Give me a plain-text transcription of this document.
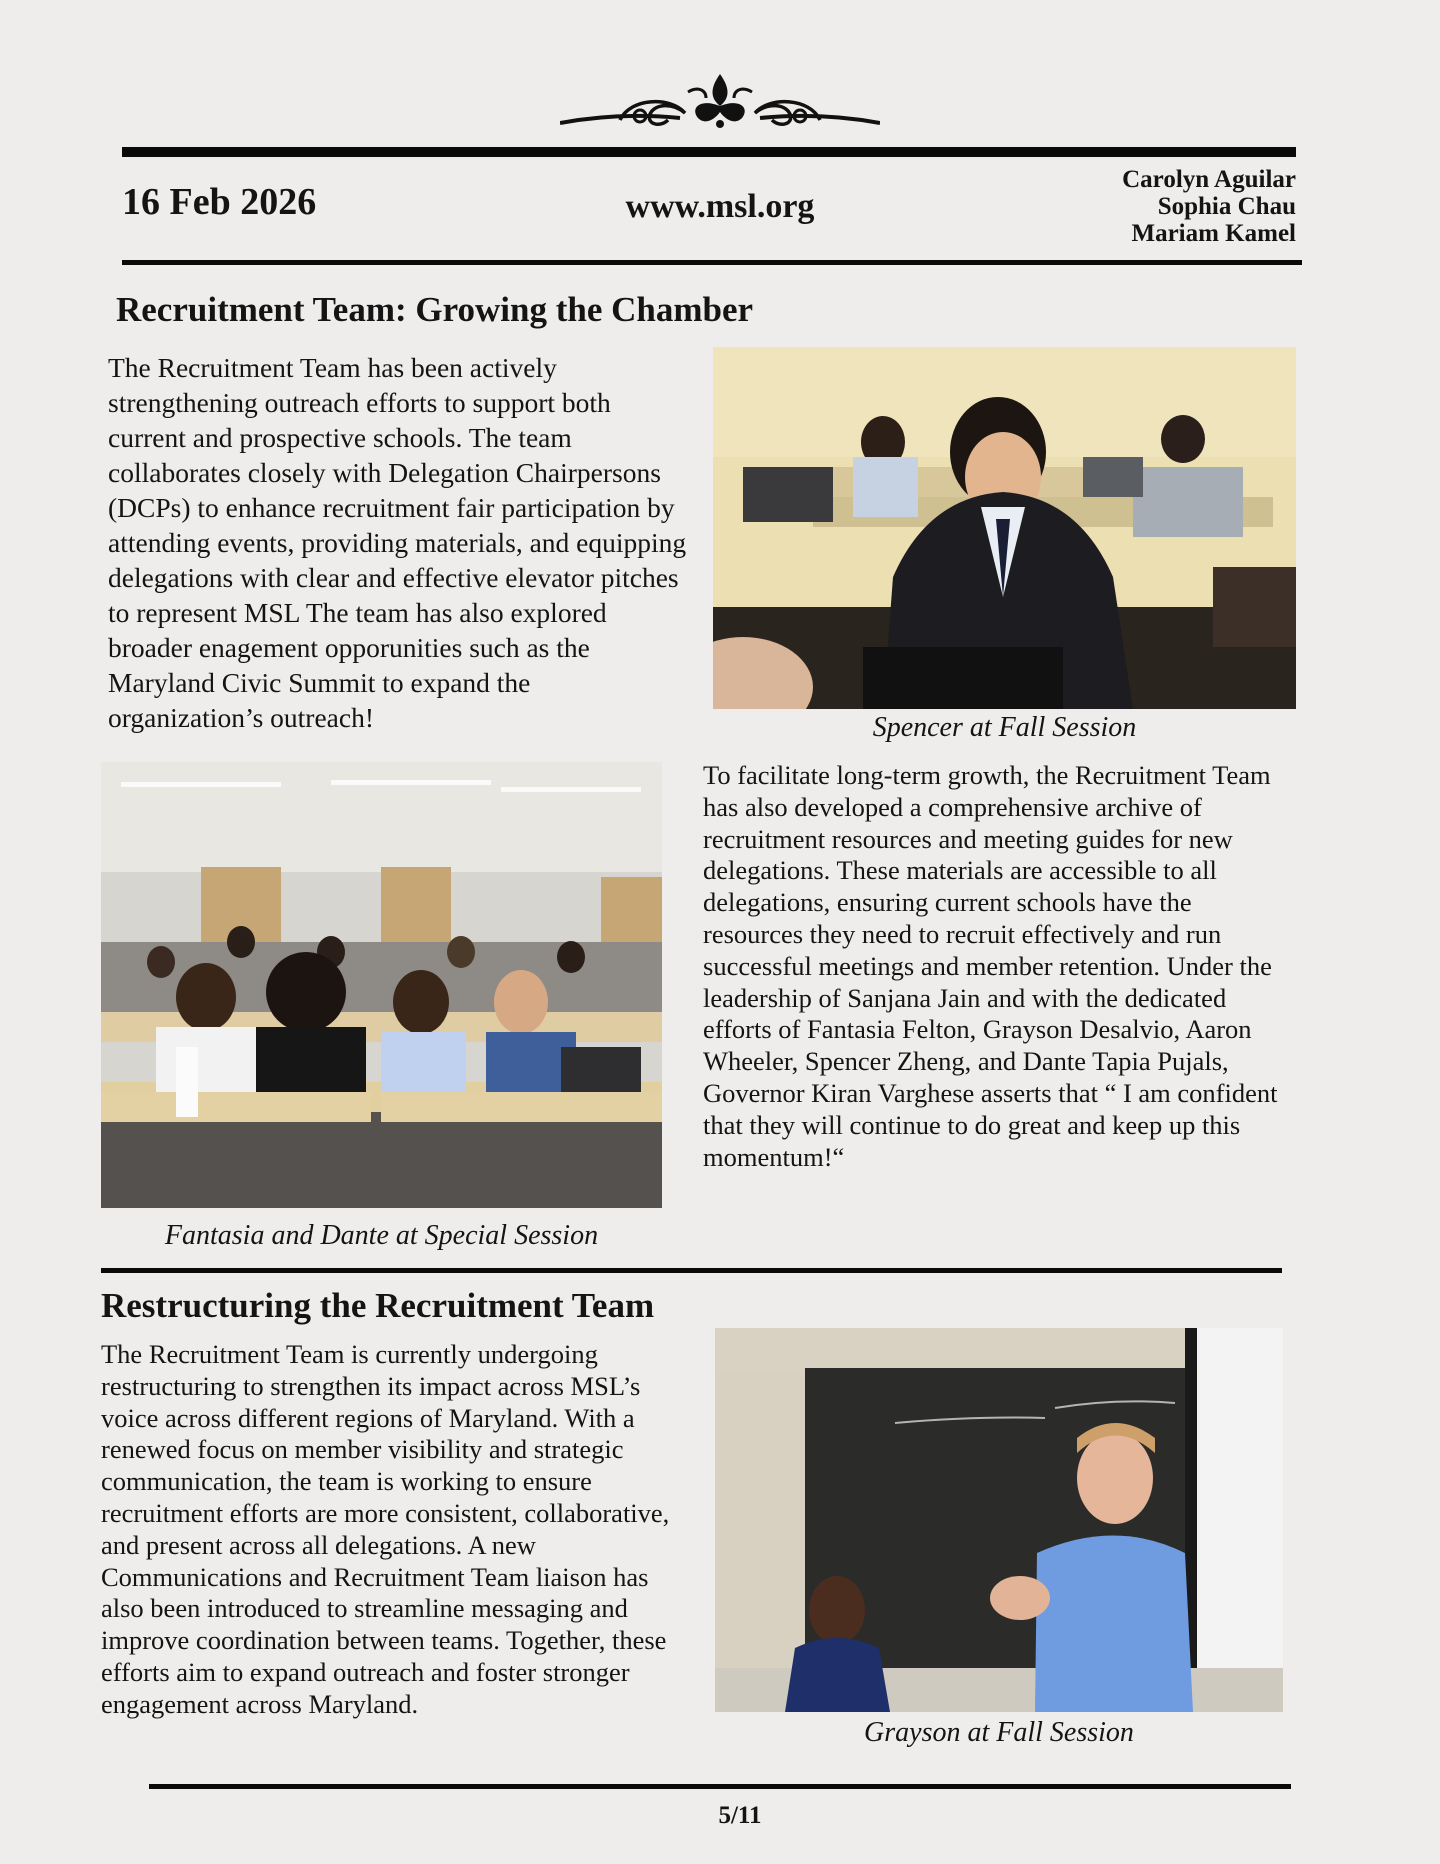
16 Feb 2026	www.msl.org
Carolyn Aguilar
Sophia Chau
Mariam Kamel
Recruitment Team: Growing the Chamber
The Recruitment Team has been actively strengthening outreach efforts to support both current and prospective schools. The team collaborates closely with Delegation Chairpersons (DCPs) to enhance recruitment fair participation by attending events, providing materials, and equipping delegations with clear and effective elevator pitches to represent MSL The team has also explored broader enagement opporunities such as the Maryland Civic Summit to expand the organization’s outreach!	Spencer at Fall Session
Fantasia and Dante at Special Session
To facilitate long-term growth, the Recruitment Team has also developed a comprehensive archive of recruitment resources and meeting guides for new delegations. These materials are accessible to all delegations, ensuring current schools have the resources they need to recruit effectively and run successful meetings and member retention. Under the leadership of Sanjana Jain and with the dedicated efforts of Fantasia Felton, Grayson Desalvio, Aaron Wheeler, Spencer Zheng, and Dante Tapia Pujals, Governor Kiran Varghese asserts that “ I am confident that they will continue to do great and keep up this momentum!“
Restructuring the Recruitment Team
The Recruitment Team is currently undergoing restructuring to strengthen its impact across MSL’s voice across different regions of Maryland. With a renewed focus on member visibility and strategic communication, the team is working to ensure recruitment efforts are more consistent, collaborative, and present across all delegations. A new Communications and Recruitment Team liaison has also been introduced to streamline messaging and improve coordination between teams. Together, these efforts aim to expand outreach and foster stronger engagement across Maryland.
Grayson at Fall Session
5/11
